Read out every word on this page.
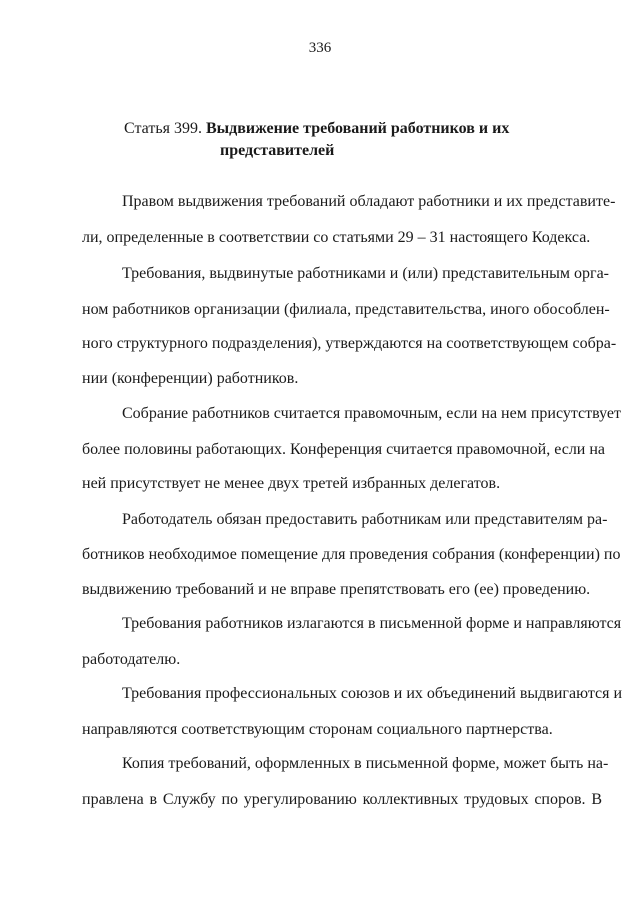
336
Статья 399. Выдвижение требований работников и их
представителей
Правом выдвижения требований обладают работники и их представите-
ли, определенные в соответствии со статьями 29 – 31 настоящего Кодекса.
Требования, выдвинутые работниками и (или) представительным орга-
ном работников организации (филиала, представительства, иного обособлен-
ного структурного подразделения), утверждаются на соответствующем собра-
нии (конференции) работников.
Собрание работников считается правомочным, если на нем присутствует
более половины работающих. Конференция считается правомочной, если на
ней присутствует не менее двух третей избранных делегатов.
Работодатель обязан предоставить работникам или представителям ра-
ботников необходимое помещение для проведения собрания (конференции) по
выдвижению требований и не вправе препятствовать его (ее) проведению.
Требования работников излагаются в письменной форме и направляются
работодателю.
Требования профессиональных союзов и их объединений выдвигаются и
направляются соответствующим сторонам социального партнерства.
Копия требований, оформленных в письменной форме, может быть на-
правлена в Службу по урегулированию коллективных трудовых споров. В
